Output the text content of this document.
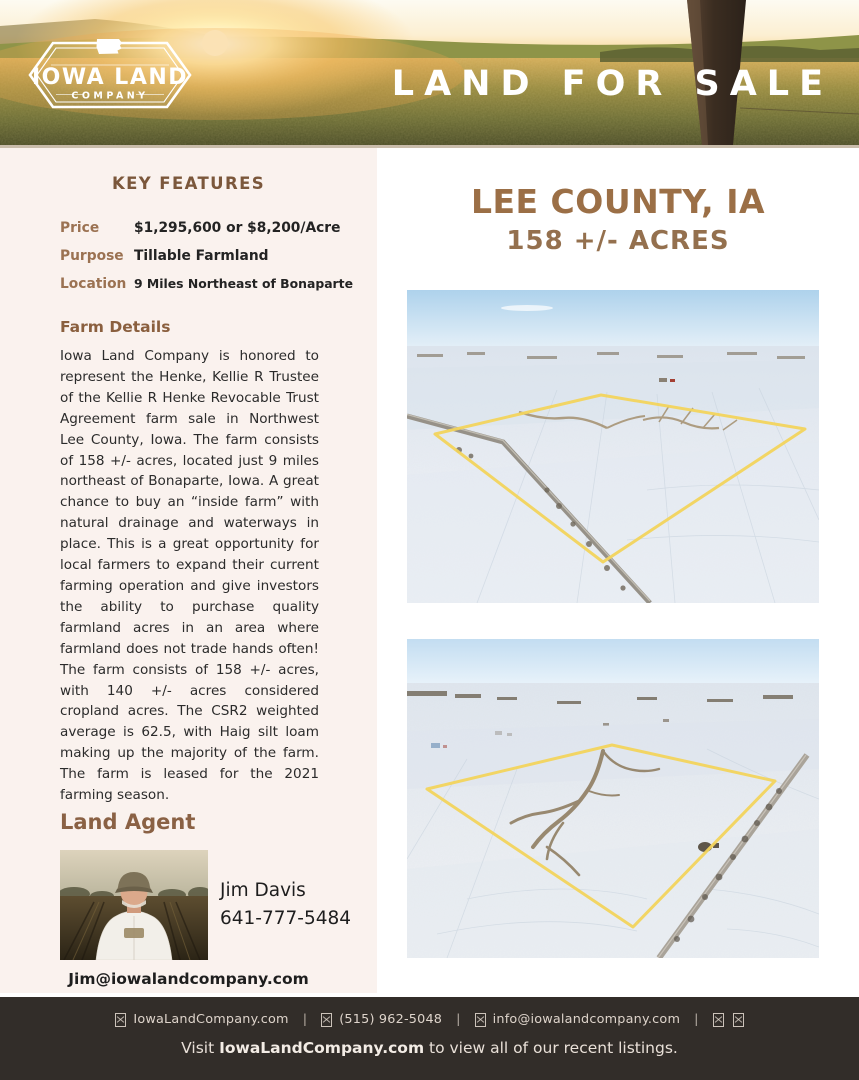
IOWA LAND
COMPANY	LAND FOR SALE
KEY FEATURES
Price	$1,295,600 or $8,200/Acre
Purpose Tillable Farmland
Location 9 Miles Northeast of Bonaparte
Farm Details
Iowa Land Company is honored to represent the Henke, Kellie R Trustee of the Kellie R Henke Revocable Trust Agreement farm sale in Northwest Lee County, Iowa. The farm consists of 158 +/- acres, located just 9 miles northeast of Bonaparte, Iowa. A great chance to buy an “inside farm” with natural drainage and waterways in place. This is a great opportunity for local farmers to expand their current farming operation and give investors the ability to purchase quality farmland acres in an area where farmland does not trade hands often! The farm consists of 158 +/- acres, with 140 +/- acres considered cropland acres. The CSR2 weighted average is 62.5, with Haig silt loam making up the majority of the farm. The farm is leased for the 2021 farming season.
Land Agent
Jim Davis
641-777-5484
Jim@iowalandcompany.com
LEE COUNTY, IA
158 +/- ACRES
IowaLandCompany.com |	(515) 962-5048 |	info@iowalandcompany.com |
Visit IowaLandCompany.com to view all of our recent listings.
